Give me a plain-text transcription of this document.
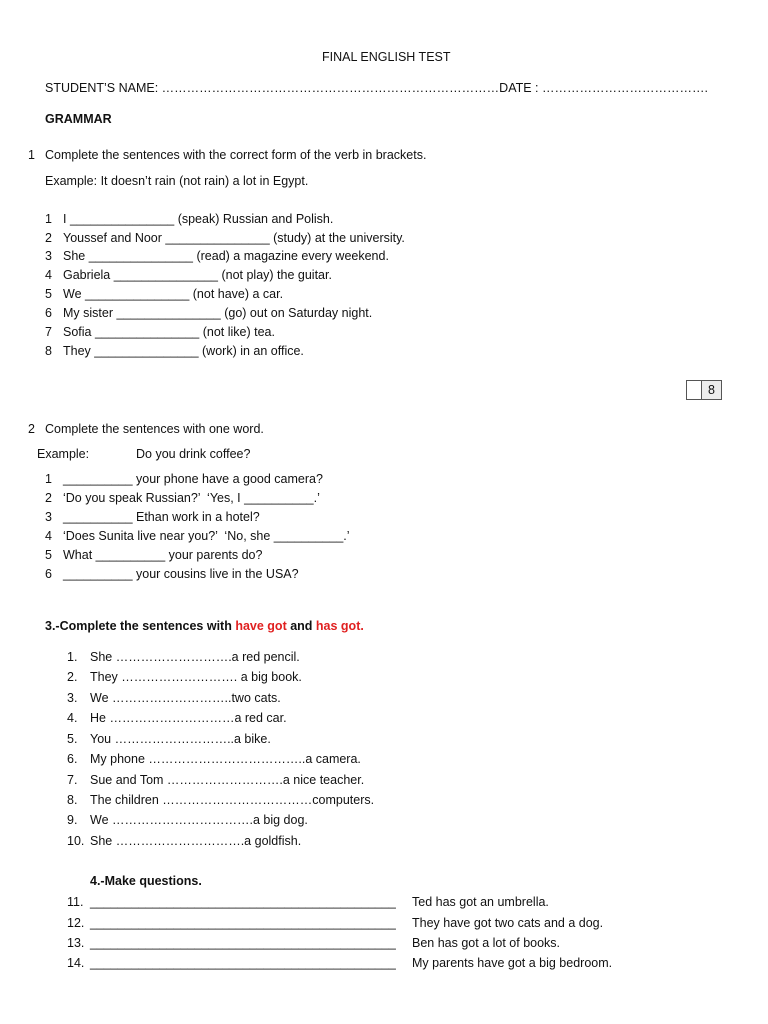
FINAL ENGLISH TEST
STUDENT’S NAME: ………………………………………………………………………DATE : ………………………………….
GRAMMAR
1 Complete the sentences with the correct form of the verb in brackets.
Example: It doesn’t rain (not rain) a lot in Egypt.
1 I _______________ (speak) Russian and Polish.
2 Youssef and Noor _______________ (study) at the university.
3 She _______________ (read) a magazine every weekend.
4 Gabriela _______________ (not play) the guitar.
5 We _______________ (not have) a car.
6 My sister _______________ (go) out on Saturday night.
7 Sofia _______________ (not like) tea.
8 They _______________ (work) in an office.
8
2 Complete the sentences with one word.
Example:	Do you drink coffee?
1 __________ your phone have a good camera?
2 ‘Do you speak Russian?’  ‘Yes, I __________.’
3 __________ Ethan work in a hotel?
4 ‘Does Sunita live near you?’  ‘No, she __________.’
5 What __________ your parents do?
6 __________ your cousins live in the USA?
3.-Complete the sentences with have got and has got.
1. She ……………………….a red pencil.
2. They ………………………. a big book.
3. We ………………………..two cats.
4. He …………………………a red car.
5. You ………………………..a bike.
6. My phone ………………………………..a camera.
7. Sue and Tom ……………………….a nice teacher.
8. The children ………………………………computers.
9. We …………………………….a big dog.
10. She ………………………….a goldfish.
4.-Make questions.
11. ____________________________________________ Ted has got an umbrella.
12. ____________________________________________ They have got two cats and a dog.
13. ____________________________________________ Ben has got a lot of books.
14. ____________________________________________ My parents have got a big bedroom.
